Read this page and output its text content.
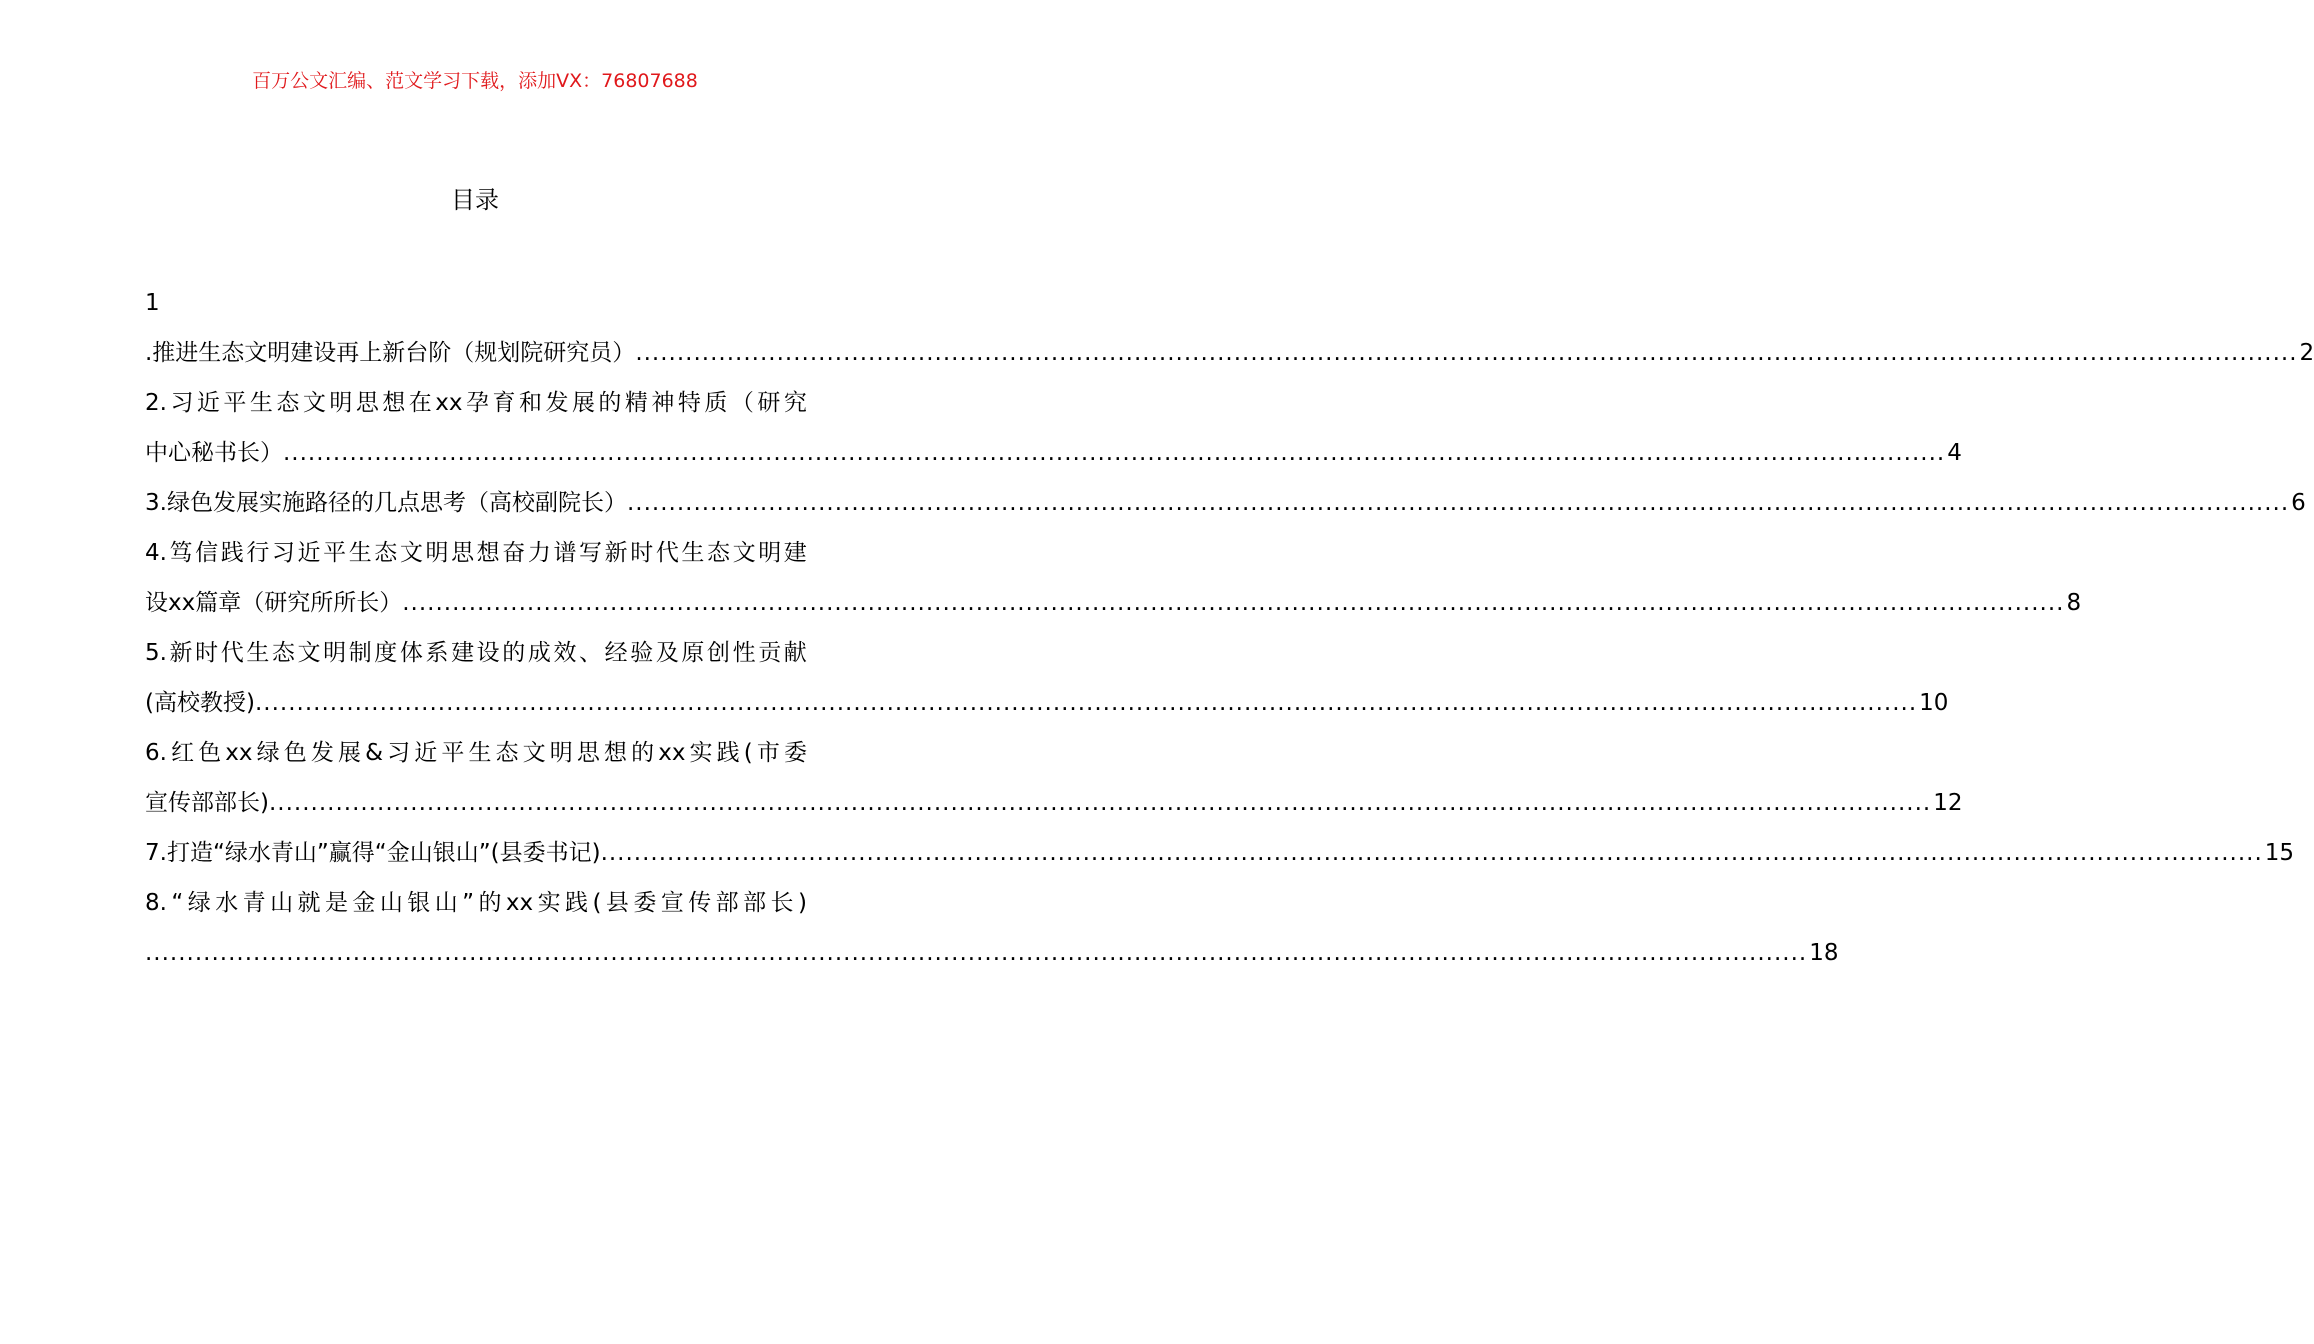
百万公文汇编、范文学习下载，添加VX：76807688
目录
1
.推进生态文明建设再上新台阶（规划院研究员） ........................................................................................................................................................................................................ 2
2. 习 近 平 生 态 文 明 思 想 在 xx 孕 育 和 发 展 的 精 神 特 质 （ 研 究
中心秘书长） ........................................................................................................................................................................................................ 4
3.绿色发展实施路径的几点思考（高校副院长） ........................................................................................................................................................................................................ 6
4. 笃 信 践 行 习 近 平 生 态 文 明 思 想 奋 力 谱 写 新 时 代 生 态 文 明 建
设xx篇章（研究所所长） ........................................................................................................................................................................................................ 8
5. 新 时 代 生 态 文 明 制 度 体 系 建 设 的 成 效 、 经 验 及 原 创 性 贡 献
(高校教授) ........................................................................................................................................................................................................ 10
6. 红 色 xx 绿 色 发 展 & 习 近 平 生 态 文 明 思 想 的 xx 实 践 ( 市 委
宣传部部长) ........................................................................................................................................................................................................ 12
7.打造“绿水青山”赢得“金山银山”(县委书记) ........................................................................................................................................................................................................ 15
8. “ 绿 水 青 山 就 是 金 山 银 山 ” 的 xx 实 践 ( 县 委 宣 传 部 部 长 )
........................................................................................................................................................................................................ 18
